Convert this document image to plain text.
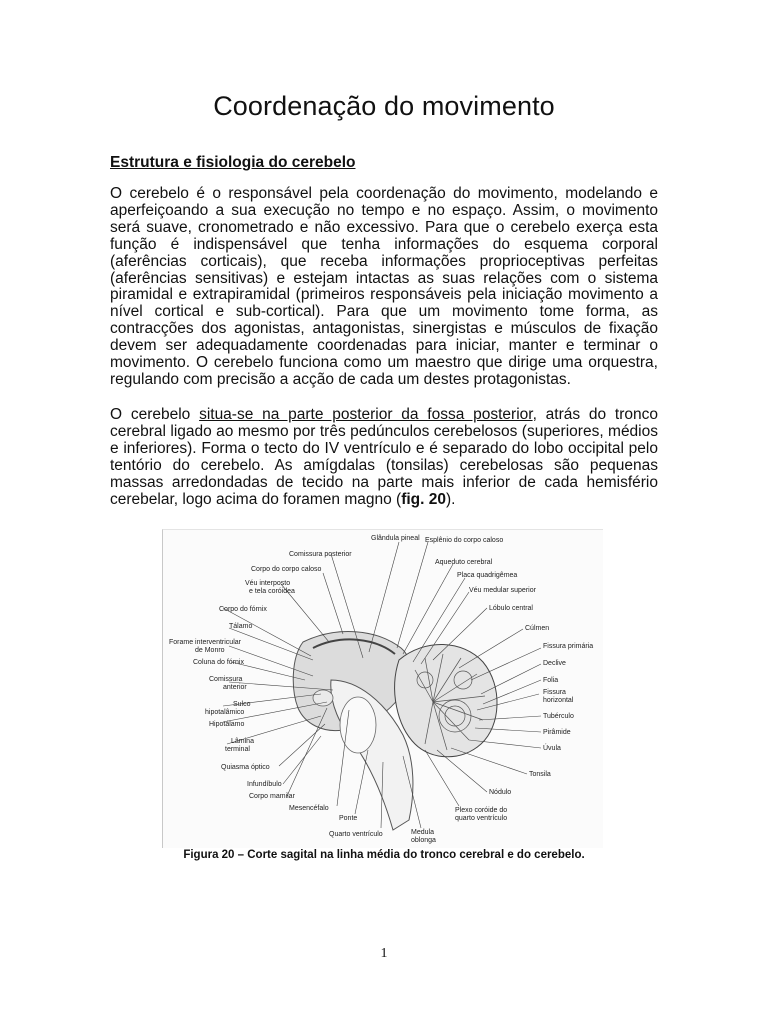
Coordenação do movimento
Estrutura e fisiologia do cerebelo

O cerebelo é o responsável pela coordenação do movimento, modelando e aperfeiçoando a sua execução no tempo e no espaço. Assim, o movimento será suave, cronometrado e não excessivo. Para que o cerebelo exerça esta função é indispensável que tenha informações do esquema corporal (aferências corticais), que receba informações proprioceptivas perfeitas (aferências sensitivas) e estejam intactas as suas relações com o sistema piramidal e extrapiramidal (primeiros responsáveis pela iniciação movimento a nível cortical e sub-cortical). Para que um movimento tome forma, as contracções dos agonistas, antagonistas, sinergistas e músculos de fixação devem ser adequadamente coordenadas para iniciar, manter e terminar o movimento. O cerebelo funciona como um maestro que dirige uma orquestra, regulando com precisão a acção de cada um destes protagonistas.

O cerebelo situa-se na parte posterior da fossa posterior, atrás do tronco cerebral ligado ao mesmo por três pedúnculos cerebelosos (superiores, médios e inferiores). Forma o tecto do IV ventrículo e é separado do lobo occipital pelo tentório do cerebelo. As amígdalas (tonsilas) cerebelosas são pequenas massas arredondadas de tecido na parte mais inferior de cada hemisfério cerebelar, logo acima do foramen magno (fig. 20).

Glândula pineal Esplênio do corpo caloso
Comissura posterior
Corpo do corpo caloso
Aqueduto cerebral
Véu interposto
e tela coróidea
Placa quadrigêmea
Véu medular superior
Corpo do fórnix	Lóbulo central
Tálamo	Cúlmen
Forame interventricular
de Monro
Fissura primária
Coluna do fórnix	Declive
Comissura
anterior
Folia
Fissura
horizontal
Sulco
hipotalâmico
Tubérculo
Hipotálamo
Pirâmide
Lâmina
terminal	Úvula
Quiasma óptico
Tonsila
Infundíbulo
Corpo mamilar
Nódulo
Mesencéfalo
Ponte
Plexo coróide do
quarto ventrículo
Quarto ventrículo	Medula
oblonga

Figura 20 – Corte sagital na linha média do tronco cerebral e do cerebelo.

1
